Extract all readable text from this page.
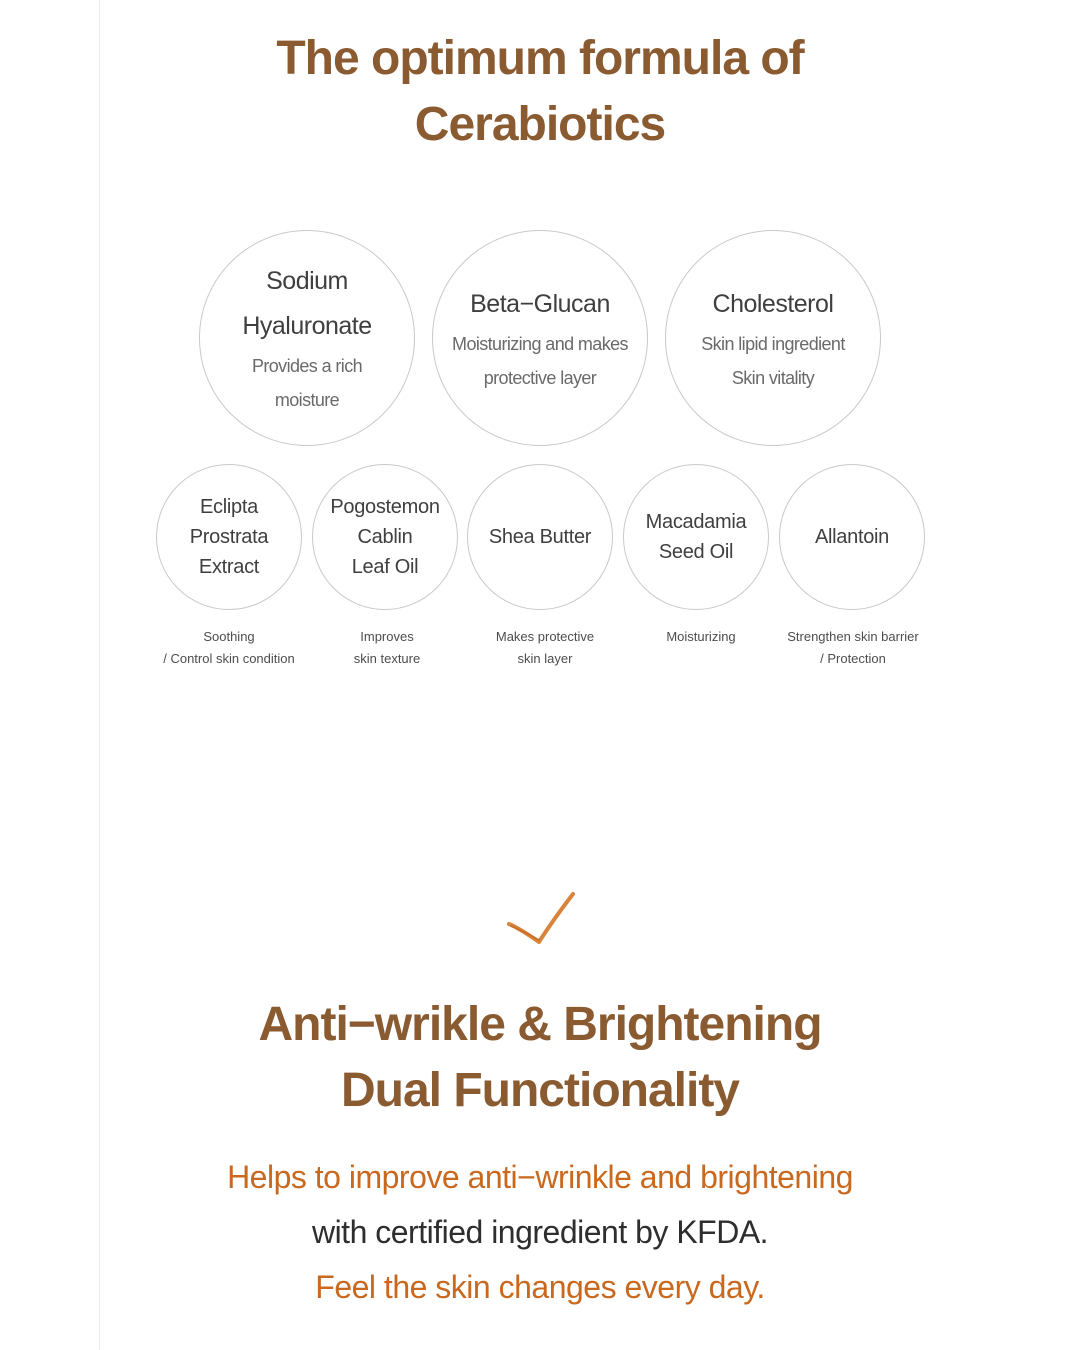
The optimum formula of
Cerabiotics
Sodium
Hyaluronate
Provides a rich
moisture
Beta−Glucan
Moisturizing and makes
protective layer
Cholesterol
Skin lipid ingredient
Skin vitality
Eclipta
Prostrata
Extract
Pogostemon
Cablin
Leaf Oil
Shea Butter
Macadamia
Seed Oil
Allantoin
Soothing
/ Control skin condition
Improves
skin texture
Makes protective
skin layer
Moisturizing	Strengthen skin barrier
/ Protection
Anti−wrikle & Brightening
Dual Functionality
Helps to improve anti−wrinkle and brightening
with certified ingredient by KFDA.
Feel the skin changes every day.
